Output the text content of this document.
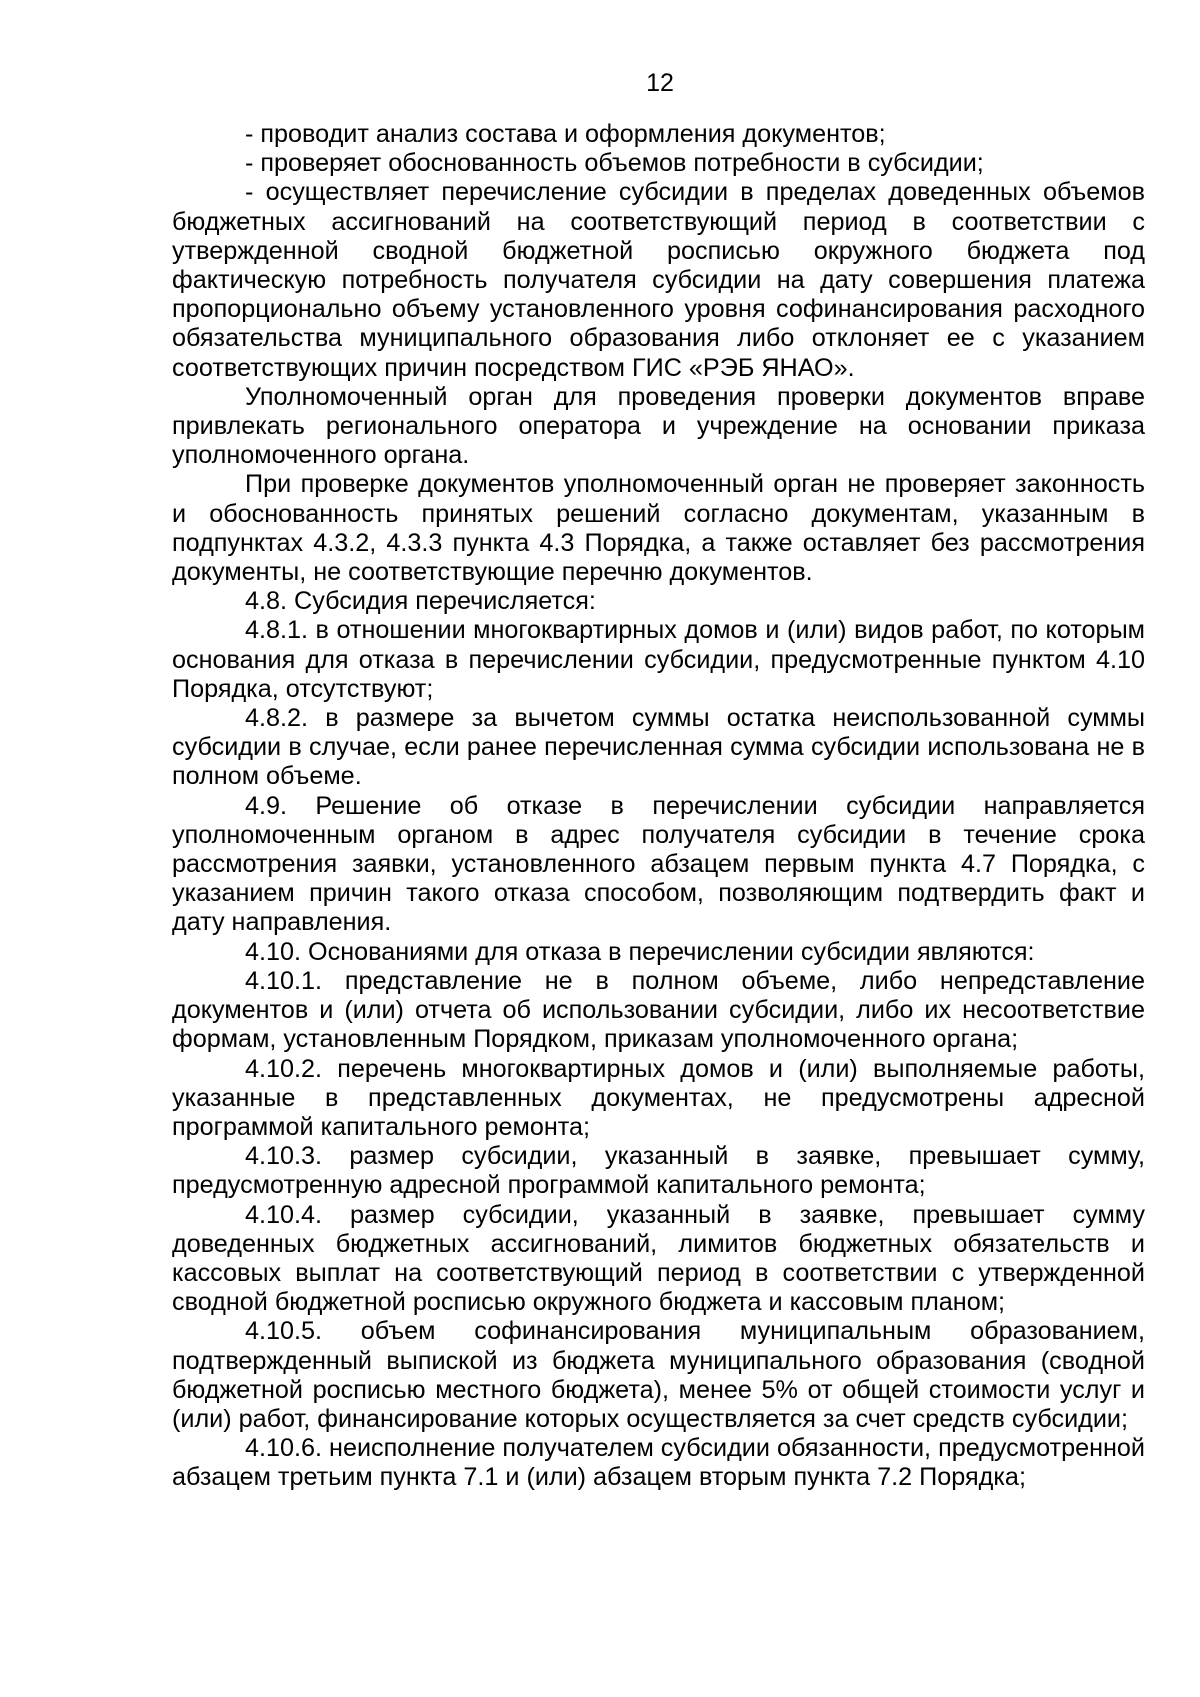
12

- проводит анализ состава и оформления документов;

- проверяет обоснованность объемов потребности в субсидии;

- осуществляет перечисление субсидии в пределах доведенных объемов бюджетных ассигнований на соответствующий период в соответствии с утвержденной сводной бюджетной росписью окружного бюджета под фактическую потребность получателя субсидии на дату совершения платежа пропорционально объему установленного уровня софинансирования расходного обязательства муниципального образования либо отклоняет ее с указанием соответствующих причин посредством ГИС «РЭБ ЯНАО».

Уполномоченный орган для проведения проверки документов вправе привлекать регионального оператора и учреждение на основании приказа уполномоченного органа.

При проверке документов уполномоченный орган не проверяет законность и обоснованность принятых решений согласно документам, указанным в подпунктах 4.3.2, 4.3.3 пункта 4.3 Порядка, а также оставляет без рассмотрения документы, не соответствующие перечню документов.

4.8. Субсидия перечисляется:

4.8.1. в отношении многоквартирных домов и (или) видов работ, по которым основания для отказа в перечислении субсидии, предусмотренные пунктом 4.10 Порядка, отсутствуют;

4.8.2. в размере за вычетом суммы остатка неиспользованной суммы субсидии в случае, если ранее перечисленная сумма субсидии использована не в полном объеме.

4.9. Решение об отказе в перечислении субсидии направляется уполномоченным органом в адрес получателя субсидии в течение срока рассмотрения заявки, установленного абзацем первым пункта 4.7 Порядка, с указанием причин такого отказа способом, позволяющим подтвердить факт и дату направления.

4.10. Основаниями для отказа в перечислении субсидии являются:

4.10.1. представление не в полном объеме, либо непредставление документов и (или) отчета об использовании субсидии, либо их несоответствие формам, установленным Порядком, приказам уполномоченного органа;

4.10.2. перечень многоквартирных домов и (или) выполняемые работы, указанные в представленных документах, не предусмотрены адресной программой капитального ремонта;

4.10.3. размер субсидии, указанный в заявке, превышает сумму, предусмотренную адресной программой капитального ремонта;

4.10.4. размер субсидии, указанный в заявке, превышает сумму доведенных бюджетных ассигнований, лимитов бюджетных обязательств и кассовых выплат на соответствующий период в соответствии с утвержденной сводной бюджетной росписью окружного бюджета и кассовым планом;

4.10.5. объем софинансирования муниципальным образованием, подтвержденный выпиской из бюджета муниципального образования (сводной бюджетной росписью местного бюджета), менее 5% от общей стоимости услуг и (или) работ, финансирование которых осуществляется за счет средств субсидии;

4.10.6. неисполнение получателем субсидии обязанности, предусмотренной абзацем третьим пункта 7.1 и (или) абзацем вторым пункта 7.2 Порядка;
